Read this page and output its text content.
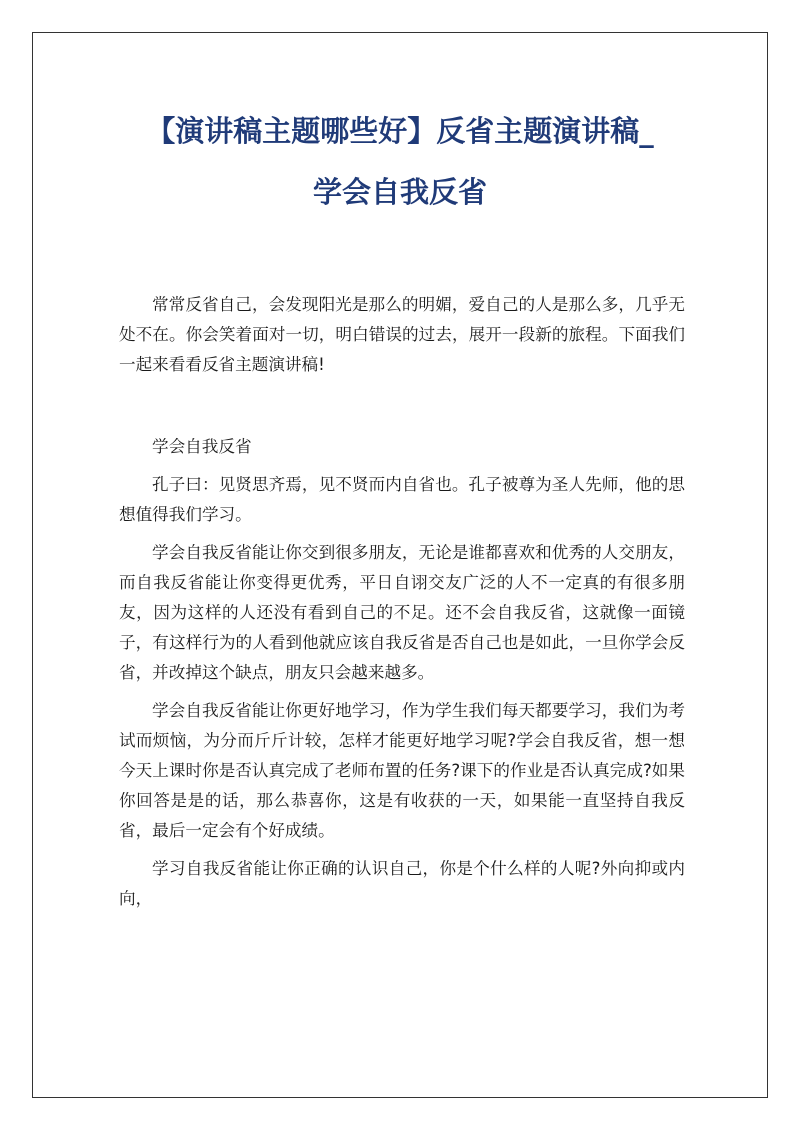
【演讲稿主题哪些好】反省主题演讲稿_
学会自我反省

常常反省自己，会发现阳光是那么的明媚，爱自己的人是那么多，几乎无处不在。你会笑着面对一切，明白错误的过去，展开一段新的旅程。下面我们一起来看看反省主题演讲稿!

学会自我反省

孔子曰：见贤思齐焉，见不贤而内自省也。孔子被尊为圣人先师，他的思想值得我们学习。

学会自我反省能让你交到很多朋友，无论是谁都喜欢和优秀的人交朋友，而自我反省能让你变得更优秀，平日自诩交友广泛的人不一定真的有很多朋友，因为这样的人还没有看到自己的不足。还不会自我反省，这就像一面镜子，有这样行为的人看到他就应该自我反省是否自己也是如此，一旦你学会反省，并改掉这个缺点，朋友只会越来越多。

学会自我反省能让你更好地学习，作为学生我们每天都要学习，我们为考试而烦恼，为分而斤斤计较，怎样才能更好地学习呢?学会自我反省，想一想今天上课时你是否认真完成了老师布置的任务?课下的作业是否认真完成?如果你回答是是的话，那么恭喜你，这是有收获的一天，如果能一直坚持自我反省，最后一定会有个好成绩。

学习自我反省能让你正确的认识自己，你是个什么样的人呢?外向抑或内向，
